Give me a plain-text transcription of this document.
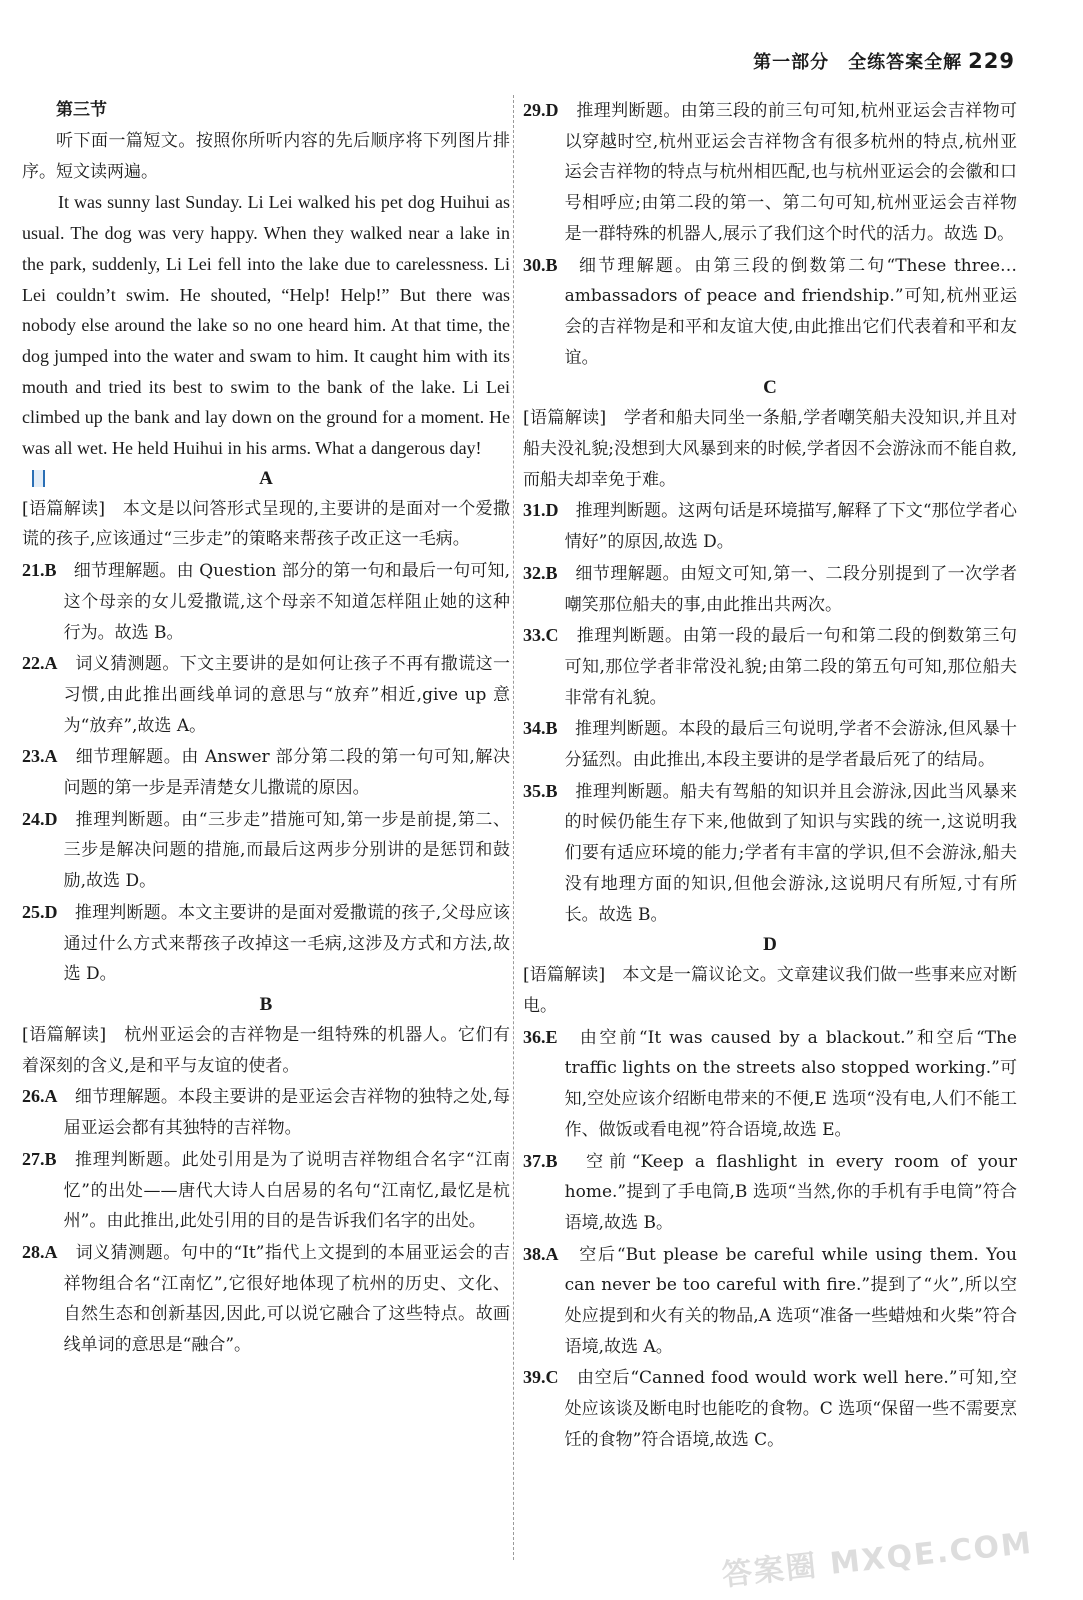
第一部分　全练答案全解 229

第三节

听下面一篇短文。按照你所听内容的先后顺序将下列图片排序。短文读两遍。

It was sunny last Sunday. Li Lei walked his pet dog Huihui as usual. The dog was very happy. When they walked near a lake in the park, suddenly, Li Lei fell into the lake due to carelessness. Li Lei couldn’t swim. He shouted, “Help! Help!” But there was nobody else around the lake so no one heard him. At that time, the dog jumped into the water and swam to him. It caught him with its mouth and tried its best to swim to the bank of the lake. Li Lei climbed up the bank and lay down on the ground for a moment. He was all wet. He held Huihui in his arms. What a dangerous day!

A

[语篇解读]　 本文是以问答形式呈现的,主要讲的是面对一个爱撒谎的孩子,应该通过“三步走”的策略来帮孩子改正这一毛病。

21.B　 细节理解题。由 Question 部分的第一句和最后一句可知,这个母亲的女儿爱撒谎,这个母亲不知道怎样阻止她的这种行为。故选 B。

22.A　 词义猜测题。下文主要讲的是如何让孩子不再有撒谎这一习惯,由此推出画线单词的意思与“放弃”相近,give up 意为“放弃”,故选 A。

23.A　 细节理解题。由 Answer 部分第二段的第一句可知,解决问题的第一步是弄清楚女儿撒谎的原因。

24.D　 推理判断题。由“三步走”措施可知,第一步是前提,第二、三步是解决问题的措施,而最后这两步分别讲的是惩罚和鼓励,故选 D。

25.D　 推理判断题。本文主要讲的是面对爱撒谎的孩子,父母应该通过什么方式来帮孩子改掉这一毛病,这涉及方式和方法,故选 D。

B

[语篇解读]　 杭州亚运会的吉祥物是一组特殊的机器人。它们有着深刻的含义,是和平与友谊的使者。

26.A　 细节理解题。本段主要讲的是亚运会吉祥物的独特之处,每届亚运会都有其独特的吉祥物。

27.B　 推理判断题。此处引用是为了说明吉祥物组合名字“江南忆”的出处——唐代大诗人白居易的名句“江南忆,最忆是杭州”。由此推出,此处引用的目的是告诉我们名字的出处。

28.A　 词义猜测题。句中的“It”指代上文提到的本届亚运会的吉祥物组合名“江南忆”,它很好地体现了杭州的历史、文化、自然生态和创新基因,因此,可以说它融合了这些特点。故画线单词的意思是“融合”。

29.D　 推理判断题。由第三段的前三句可知,杭州亚运会吉祥物可以穿越时空,杭州亚运会吉祥物含有很多杭州的特点,杭州亚运会吉祥物的特点与杭州相匹配,也与杭州亚运会的会徽和口号相呼应;由第二段的第一、第二句可知,杭州亚运会吉祥物是一群特殊的机器人,展示了我们这个时代的活力。故选 D。

30.B　 细节理解题。由第三段的倒数第二句“These three…ambassadors of peace and friendship.”可知,杭州亚运会的吉祥物是和平和友谊大使,由此推出它们代表着和平和友谊。

C

[语篇解读]　 学者和船夫同坐一条船,学者嘲笑船夫没知识,并且对船夫没礼貌;没想到大风暴到来的时候,学者因不会游泳而不能自救,而船夫却幸免于难。

31.D　 推理判断题。这两句话是环境描写,解释了下文“那位学者心情好”的原因,故选 D。

32.B　 细节理解题。由短文可知,第一、二段分别提到了一次学者嘲笑那位船夫的事,由此推出共两次。

33.C　 推理判断题。由第一段的最后一句和第二段的倒数第三句可知,那位学者非常没礼貌;由第二段的第五句可知,那位船夫非常有礼貌。

34.B　 推理判断题。本段的最后三句说明,学者不会游泳,但风暴十分猛烈。由此推出,本段主要讲的是学者最后死了的结局。

35.B　 推理判断题。船夫有驾船的知识并且会游泳,因此当风暴来的时候仍能生存下来,他做到了知识与实践的统一,这说明我们要有适应环境的能力;学者有丰富的学识,但不会游泳,船夫没有地理方面的知识,但他会游泳,这说明尺有所短,寸有所长。故选 B。

D

[语篇解读]　 本文是一篇议论文。文章建议我们做一些事来应对断电。

36.E　 由空前“It was caused by a blackout.”和空后“The traffic lights on the streets also stopped working.”可知,空处应该介绍断电带来的不便,E 选项“没有电,人们不能工作、做饭或看电视”符合语境,故选 E。

37.B　 空前“Keep a flashlight in every room of your home.”提到了手电筒,B 选项“当然,你的手机有手电筒”符合语境,故选 B。

38.A　 空后“But please be careful while using them. You can never be too careful with fire.”提到了“火”,所以空处应提到和火有关的物品,A 选项“准备一些蜡烛和火柴”符合语境,故选 A。

39.C　 由空后“Canned food would work well here.”可知,空处应该谈及断电时也能吃的食物。C 选项“保留一些不需要烹饪的食物”符合语境,故选 C。

答案圈 MXQE.COM
